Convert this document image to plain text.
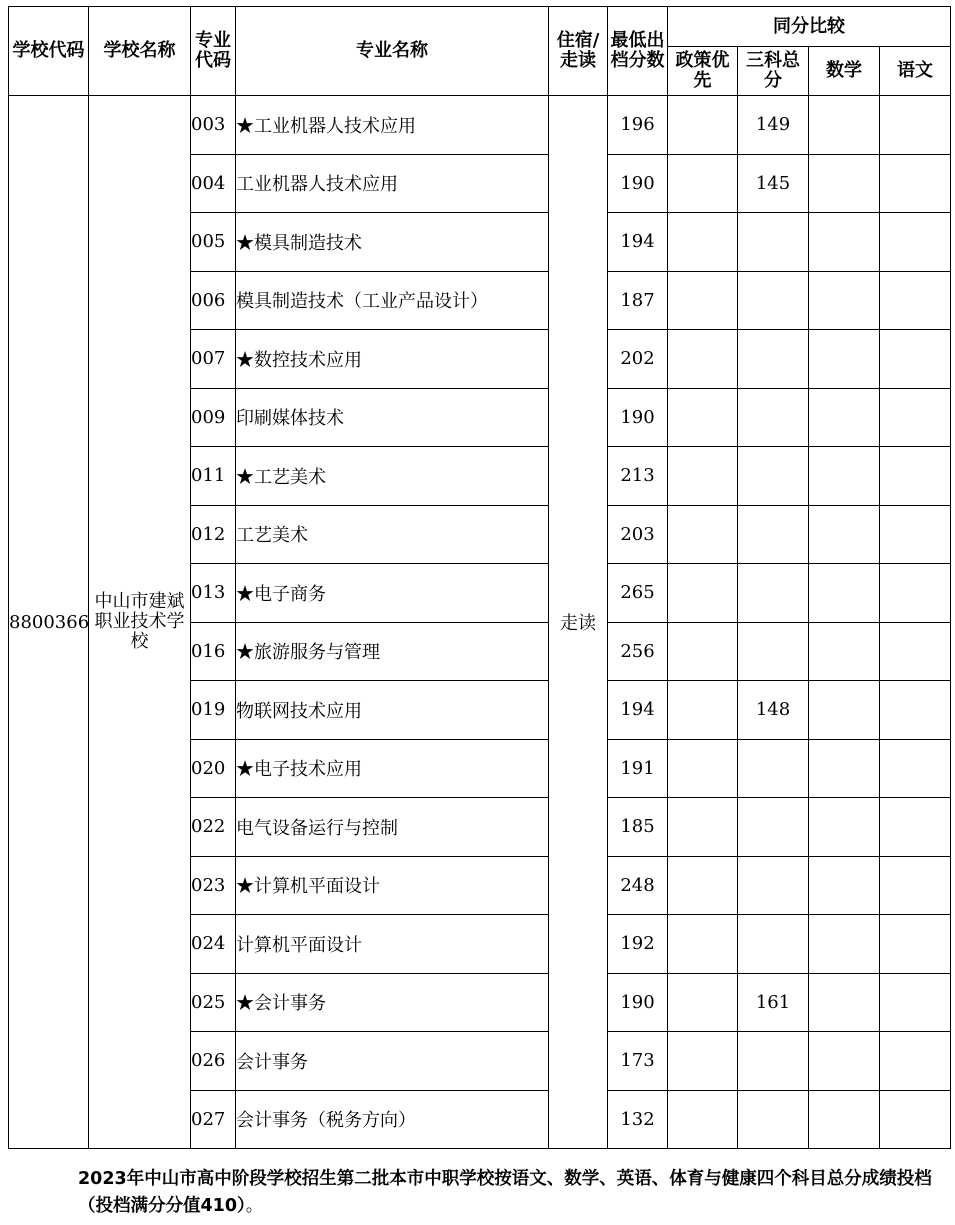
学校代码	学校名称	专业代码	专业名称	住宿/走读	最低出档分数	同分比较			
						政策优先	三科总分	数学	语文
8800366	中山市建斌职业技术学校	003	★工业机器人技术应用	走读	196		149		
		004	工业机器人技术应用		190		145		
		005	★模具制造技术		194				
		006	模具制造技术（工业产品设计）		187				
		007	★数控技术应用		202				
		009	印刷媒体技术		190				
		011	★工艺美术		213				
		012	工艺美术		203				
		013	★电子商务		265				
		016	★旅游服务与管理		256				
		019	物联网技术应用		194		148		
		020	★电子技术应用		191				
		022	电气设备运行与控制		185				
		023	★计算机平面设计		248				
		024	计算机平面设计		192				
		025	★会计事务		190		161		
		026	会计事务		173				
		027	会计事务（税务方向）		132				
2023年中山市高中阶段学校招生第二批本市中职学校按语文、数学、英语、体育与健康四个科目总分成绩投档（投档满分分值410）。
